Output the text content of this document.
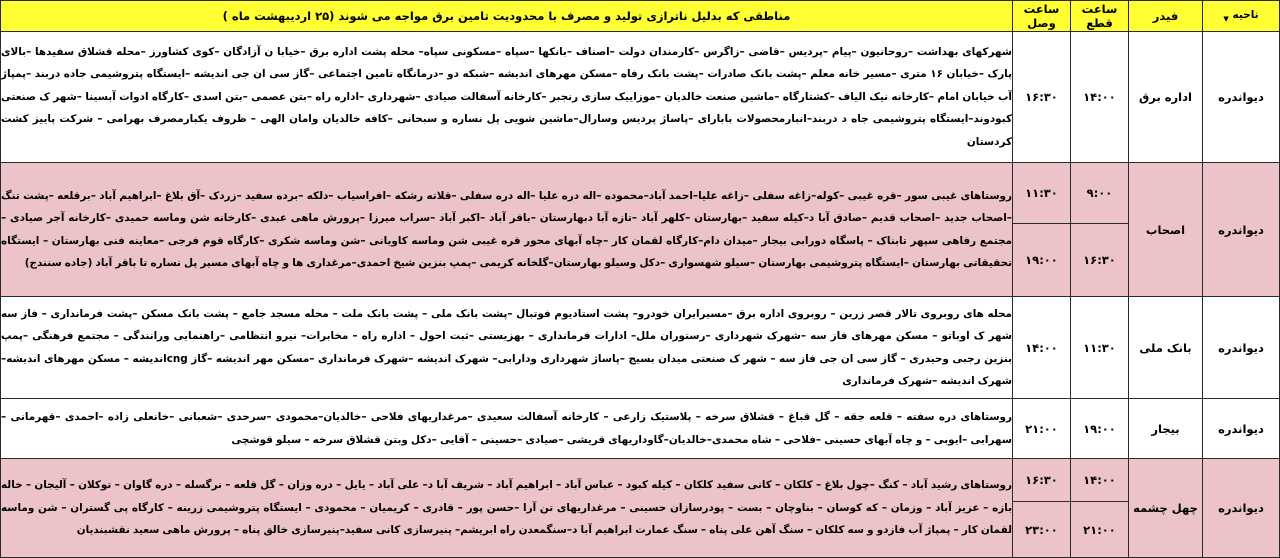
ناحیه $_▼$	فیدر	ساعت قطع	ساعت وصل	مناطقی که بدلیل ناترازی تولید و مصرف با محدودیت تامین برق مواجه می شوند (۲۵ اردیبهشت ماه )
دیواندره	اداره برق	۱۴:۰۰	۱۶:۳۰	شهرکهای بهداشت –روحانیون –پیام –پردیس –قاضی –زاگرس –کارمندان دولت –اصناف –بانکها –سپاه –مسکونی سپاه– محله پشت اداره برق –خیابا ن آزادگان –کوی کشاورز –محله قشلاق سفیدها –بالای پارک –خیابان ۱۶ متری –مسیر خانه معلم –پشت بانک صادرات –پشت بانک رفاه –مسکن مهرهای اندیشه –شبکه دو –درمانگاه تامین اجتماعی –گاز سی ان جی اندیشه –ایستگاه پتروشیمی جاده دربند –پمپاژ آب خیابان امام –کارخانه نیک الیاف –کشتارگاه –ماشین صنعت خالدیان –موزاییک سازی رنجبر –کارخانه آسفالت صیادی –شهرداری –اداره راه –بتن عصمی –بتن اسدی –کارگاه ادوات آبسینا –شهر ک صنعتی کبودوند–ایستگاه پتروشیمی جاه د دربند–انبارمحصولات بابارای –پاساژ پردیس وسارال–ماشین شویی پل نساره و سبحانی –کافه خالدیان وامان الهی – ظروف یکبارمصرف بهرامی – شرکت پاییز کشت کردستان
دیواندره	اصحاب	۹:۰۰	۱۱:۳۰	روستاهای غیبی سور –قره غیبی –کوله–زاغه سفلی –زاغه علیا–احمد آباد–محموده –اله دره علیا –اله دره سفلی –قلاته رشکه –افراسیاب –دلکه –برده سفید –زردک –آق بلاغ –ابراهیم آباد –برقلعه –پشت تنگ –اصحاب جدید –اصحاب قدیم –صادق آبا د–کیله سفید –بهارستان –کلهر آباد –تازه آبا دبهارستان –باقر آباد –اکبر آباد –سراب میرزا –پرورش ماهی عبدی –کارخانه شن وماسه حمیدی –کارخانه آجر صیادی –مجتمع رفاهی سپهر تابناک – پاسگاه دورابی بیجار –میدان دام–کارگاه لقمان کار –چاه آبهای محور قره غیبی شن وماسه کاویانی –شن وماسه شکری –کارگاه قوم فرجی –معاینه فنی بهارستان – ایستگاه تحقیقاتی بهارستان –ایستگاه پتروشیمی بهارستان –سیلو شهسواری –دکل وسیلو بهارستان–گلخانه کریمی –پمپ بنزین شیخ احمدی–مرغداری ها و چاه آبهای مسیر پل نساره تا باقر آباد (جاده سنندج)
		۱۶:۳۰	۱۹:۰۰	
دیواندره	بانک ملی	۱۱:۳۰	۱۴:۰۰	محله های روبروی تالار قصر زرین – روبروی اداره برق –مسیرایران خودرو– پشت استادیوم فوتبال –پشت بانک ملی – پشت بانک ملت – محله مسجد جامع – پشت بانک مسکن –پشت فرمانداری – فاز سه شهر ک اوباتو – مسکن مهرهای فاز سه –شهرک شهرداری –رستوران ملل– ادارات فرمانداری – بهزیستی –ثبت احول – اداره راه – مخابرات– نیرو انتظامی –راهنمایی ورانندگی – مجتمع فرهنگی –پمپ بنزین رجبی وحیدری – گاز سی ان جی فاز سه – شهر ک صنعتی میدان بسیج –پاساژ شهرداری ودارابی– شهرک اندیشه –شهرک فرمانداری –مسکن مهر اندیشه –گاز cngاندیشه – مسکن مهرهای اندیشه– شهرک اندیشه –شهرک فرمانداری
دیواندره	بیجار	۱۹:۰۰	۲۱:۰۰	روستاهای دره سفته – قلعه جقه – گل قباغ – قشلاق سرخه – پلاستیک زارعی – کارخانه آسفالت سعیدی –مرغداریهای فلاحی –خالدیان–محمودی –سرحدی –شعبانی –خانعلی زاده –احمدی –قهرمانی –سهرابی –ایوبی – و چاه آبهای حسینی –فلاحی – شاه محمدی–خالدیان–گاوداریهای قریشی –صیادی –حسینی – آقایی –دکل وبتن قشلاق سرخه – سیلو قوشچی
دیواندره	چهل چشمه	۱۴:۰۰	۱۶:۳۰	روستاهای رشید آباد – کنگ –چول بلاغ – کلکان – کانی سفید کلکان – کیله کبود – عباس آباد – ابراهیم آباد – شریف آبا د– علی آباد – یایل – دره وزان – گل قلعه – نرگسله – دره گاوان – توکلان – آلیجان – خاله بازه – عزیز آباد – وزمان – که کوسان – بناوچان – بست – پودرسازان حسینی – مرغداریهای تن آرا –حسن پور – قادری – کریمیان – محمودی – ایستگاه پتروشیمی زرینه – کارگاه پی گستران – شن وماسه لقمان کار – پمپاژ آب فازدو و سه کلکان – سنگ آهن علی پناه – سنگ عمارت ابراهیم آبا د–سنگمعدن راه ابریشم– پنیرسازی کانی سفید–پنیرسازی خالق پناه – پرورش ماهی سعید نقشبندیان
		۲۱:۰۰	۲۳:۰۰	
